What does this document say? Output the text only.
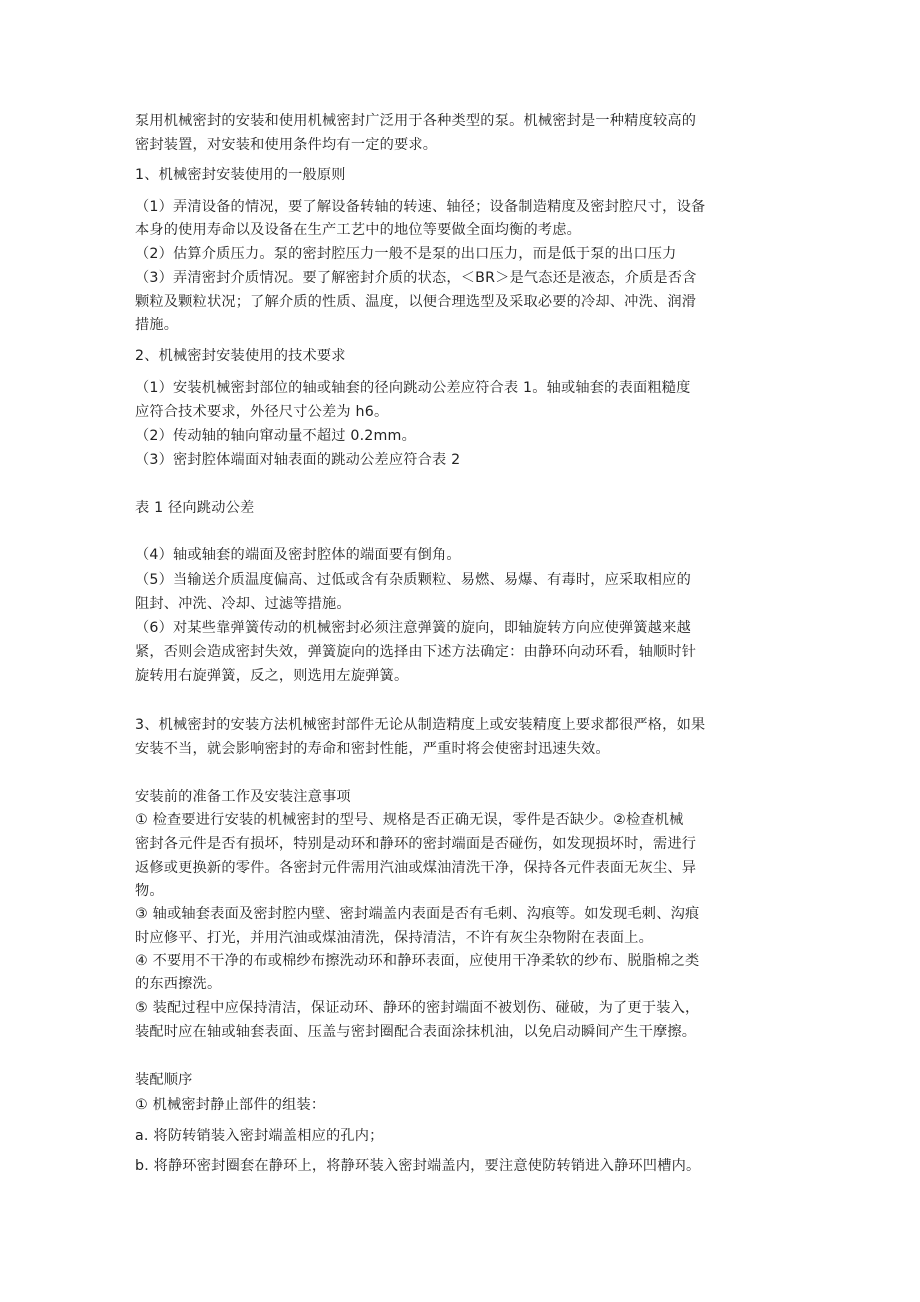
泵用机械密封的安装和使用机械密封广泛用于各种类型的泵。机械密封是一种精度较高的
密封装置，对安装和使用条件均有一定的要求。
1、机械密封安装使用的一般原则
（1）弄清设备的情况，要了解设备转轴的转速、轴径；设备制造精度及密封腔尺寸，设备
本身的使用寿命以及设备在生产工艺中的地位等要做全面均衡的考虑。
（2）估算介质压力。泵的密封腔压力一般不是泵的出口压力，而是低于泵的出口压力
（3）弄清密封介质情况。要了解密封介质的状态，＜BR＞是气态还是液态，介质是否含
颗粒及颗粒状况；了解介质的性质、温度，以便合理选型及采取必要的冷却、冲洗、润滑
措施。
2、机械密封安装使用的技术要求
（1）安装机械密封部位的轴或轴套的径向跳动公差应符合表 1。轴或轴套的表面粗糙度
应符合技术要求，外径尺寸公差为 h6。
（2）传动轴的轴向窜动量不超过 0.2mm。
（3）密封腔体端面对轴表面的跳动公差应符合表 2
表 1 径向跳动公差
（4）轴或轴套的端面及密封腔体的端面要有倒角。
（5）当输送介质温度偏高、过低或含有杂质颗粒、易燃、易爆、有毒时，应采取相应的
阻封、冲洗、冷却、过滤等措施。
（6）对某些靠弹簧传动的机械密封必须注意弹簧的旋向，即轴旋转方向应使弹簧越来越
紧，否则会造成密封失效，弹簧旋向的选择由下述方法确定：由静环向动环看，轴顺时针
旋转用右旋弹簧，反之，则选用左旋弹簧。
3、机械密封的安装方法机械密封部件无论从制造精度上或安装精度上要求都很严格，如果
安装不当，就会影响密封的寿命和密封性能，严重时将会使密封迅速失效。
安装前的准备工作及安装注意事项
① 检查要进行安装的机械密封的型号、规格是否正确无误，零件是否缺少。②检查机械
密封各元件是否有损坏，特别是动环和静环的密封端面是否碰伤，如发现损坏时，需进行
返修或更换新的零件。各密封元件需用汽油或煤油清洗干净，保持各元件表面无灰尘、异
物。
③ 轴或轴套表面及密封腔内壁、密封端盖内表面是否有毛刺、沟痕等。如发现毛刺、沟痕
时应修平、打光，并用汽油或煤油清洗，保持清洁，不许有灰尘杂物附在表面上。
④ 不要用不干净的布或棉纱布擦洗动环和静环表面，应使用干净柔软的纱布、脱脂棉之类
的东西擦洗。
⑤ 装配过程中应保持清洁，保证动环、静环的密封端面不被划伤、碰破，为了更于装入，
装配时应在轴或轴套表面、压盖与密封圈配合表面涂抹机油，以免启动瞬间产生干摩擦。
装配顺序
① 机械密封静止部件的组装：
a. 将防转销装入密封端盖相应的孔内；
b. 将静环密封圈套在静环上，将静环装入密封端盖内，要注意使防转销进入静环凹槽内。
